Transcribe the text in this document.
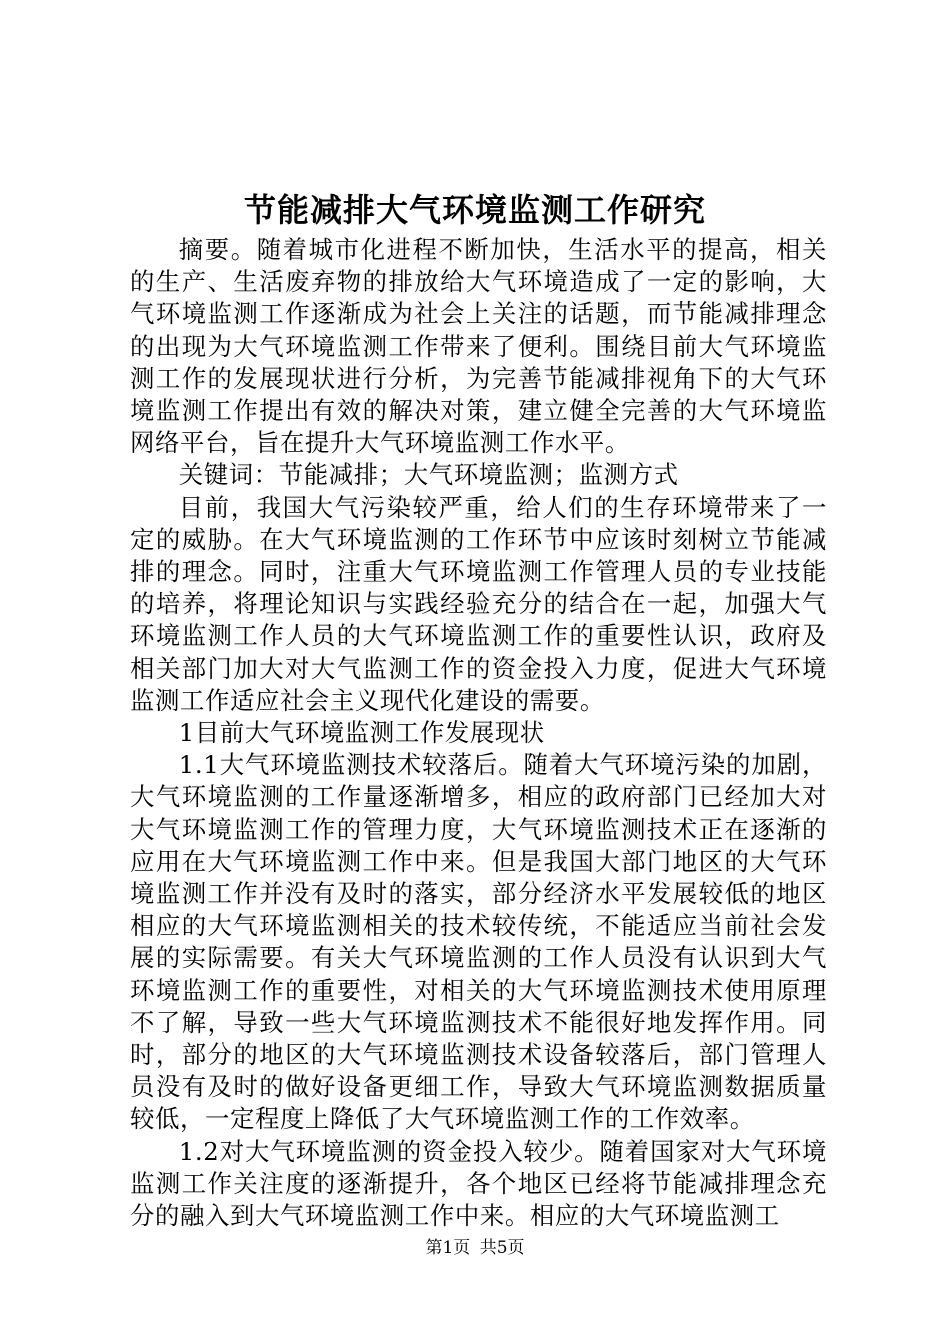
节能减排大气环境监测工作研究

摘要。随着城市化进程不断加快，生活水平的提高，相关的生产、生活废弃物的排放给大气环境造成了一定的影响，大气环境监测工作逐渐成为社会上关注的话题，而节能减排理念的出现为大气环境监测工作带来了便利。围绕目前大气环境监测工作的发展现状进行分析，为完善节能减排视角下的大气环境监测工作提出有效的解决对策，建立健全完善的大气环境监网络平台，旨在提升大气环境监测工作水平。

关键词：节能减排；大气环境监测；监测方式

目前，我国大气污染较严重，给人们的生存环境带来了一定的威胁。在大气环境监测的工作环节中应该时刻树立节能减排的理念。同时，注重大气环境监测工作管理人员的专业技能的培养，将理论知识与实践经验充分的结合在一起，加强大气环境监测工作人员的大气环境监测工作的重要性认识，政府及相关部门加大对大气监测工作的资金投入力度，促进大气环境监测工作适应社会主义现代化建设的需要。

1目前大气环境监测工作发展现状

1.1大气环境监测技术较落后。随着大气环境污染的加剧，大气环境监测的工作量逐渐增多，相应的政府部门已经加大对大气环境监测工作的管理力度，大气环境监测技术正在逐渐的应用在大气环境监测工作中来。但是我国大部门地区的大气环境监测工作并没有及时的落实，部分经济水平发展较低的地区相应的大气环境监测相关的技术较传统，不能适应当前社会发展的实际需要。有关大气环境监测的工作人员没有认识到大气环境监测工作的重要性，对相关的大气环境监测技术使用原理不了解，导致一些大气环境监测技术不能很好地发挥作用。同时，部分的地区的大气环境监测技术设备较落后，部门管理人员没有及时的做好设备更细工作，导致大气环境监测数据质量较低，一定程度上降低了大气环境监测工作的工作效率。

1.2对大气环境监测的资金投入较少。随着国家对大气环境监测工作关注度的逐渐提升，各个地区已经将节能减排理念充分的融入到大气环境监测工作中来。相应的大气环境监测工

第1页 共5页
